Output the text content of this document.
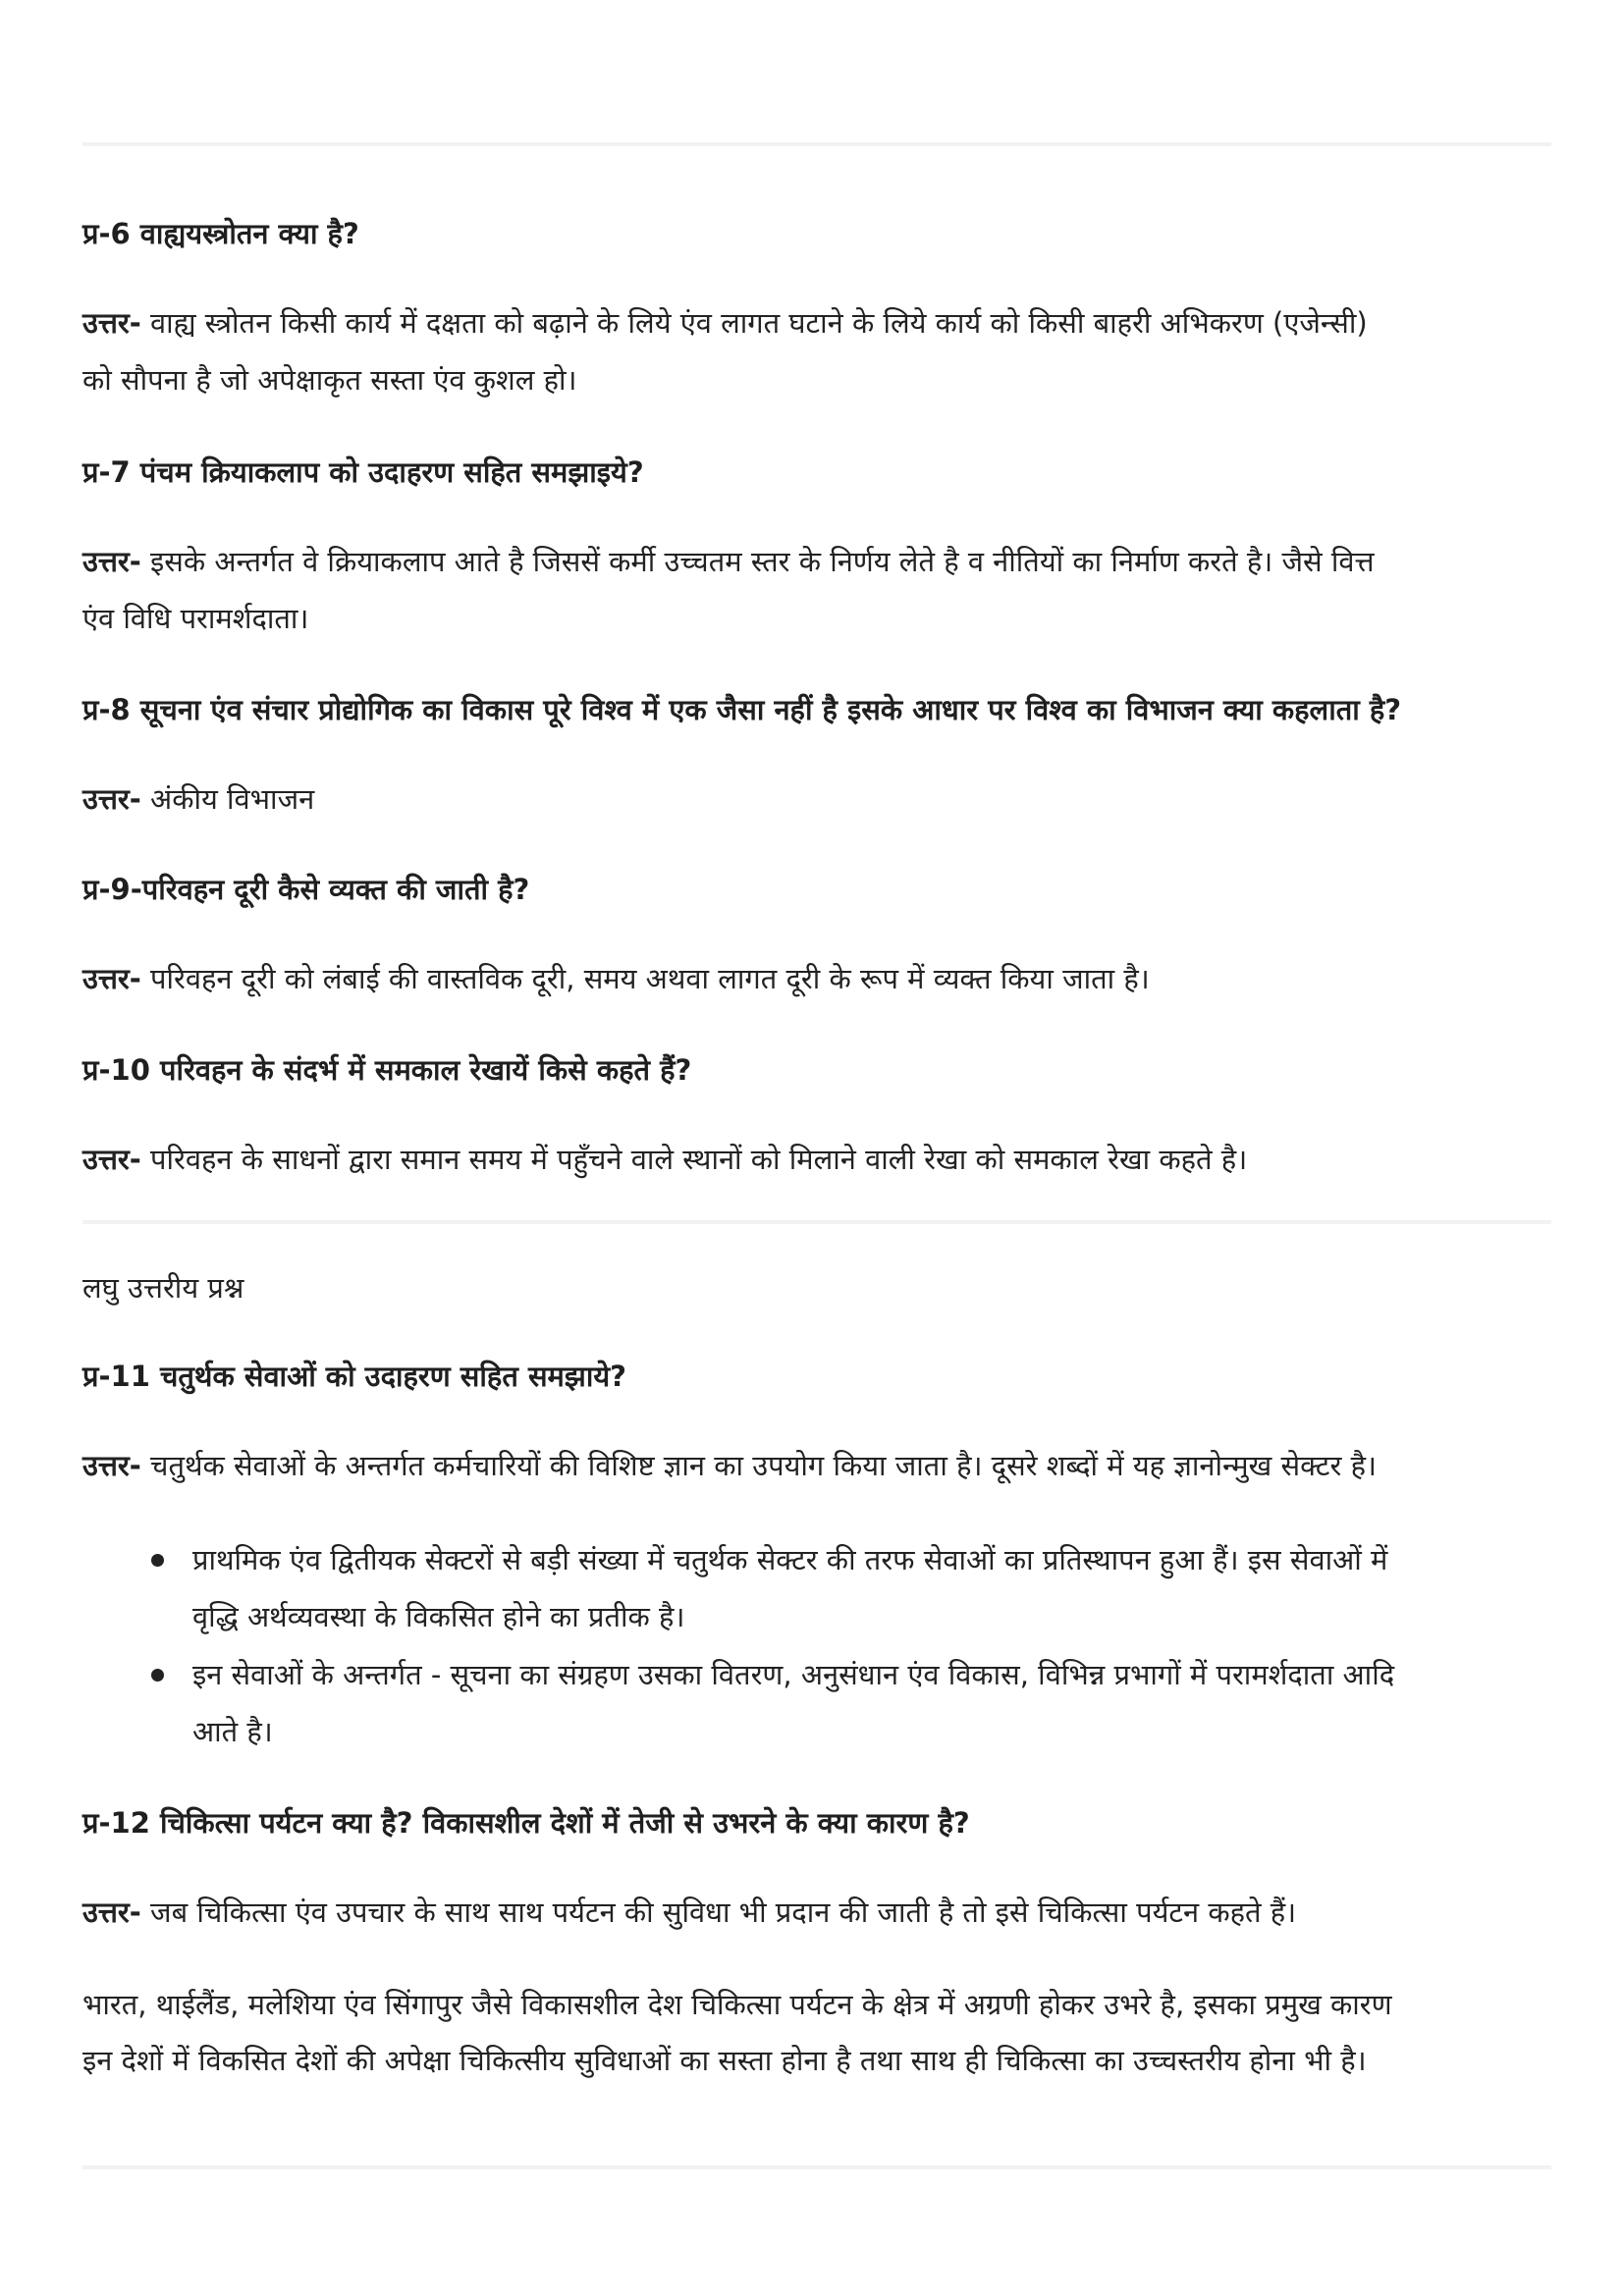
प्र-6 वाह्ययस्त्रोतन क्या है?
उत्तर- वाह्य स्त्रोतन किसी कार्य में दक्षता को बढ़ाने के लिये एंव लागत घटाने के लिये कार्य को किसी बाहरी अभिकरण (एजेन्सी)
को सौपना है जो अपेक्षाकृत सस्ता एंव कुशल हो।
प्र-7 पंचम क्रियाकलाप को उदाहरण सहित समझाइये?
उत्तर- इसके अन्तर्गत वे क्रियाकलाप आते है जिससें कर्मी उच्चतम स्तर के निर्णय लेते है व नीतियों का निर्माण करते है। जैसे वित्त
एंव विधि परामर्शदाता।
प्र-8 सूचना एंव संचार प्रोद्योगिक का विकास पूरे विश्व में एक जैसा नहीं है इसके आधार पर विश्व का विभाजन क्या कहलाता है?
उत्तर- अंकीय विभाजन
प्र-9-परिवहन दूरी कैसे व्यक्त की जाती है?
उत्तर- परिवहन दूरी को लंबाई की वास्तविक दूरी, समय अथवा लागत दूरी के रूप में व्यक्त किया जाता है।
प्र-10 परिवहन के संदर्भ में समकाल रेखायें किसे कहते हैं?
उत्तर- परिवहन के साधनों द्वारा समान समय में पहुँचने वाले स्थानों को मिलाने वाली रेखा को समकाल रेखा कहते है।
लघु उत्तरीय प्रश्न
प्र-11 चतुर्थक सेवाओं को उदाहरण सहित समझाये?
उत्तर- चतुर्थक सेवाओं के अन्तर्गत कर्मचारियों की विशिष्ट ज्ञान का उपयोग किया जाता है। दूसरे शब्दों में यह ज्ञानोन्मुख सेक्टर है।
प्राथमिक एंव द्वितीयक सेक्टरों से बड़ी संख्या में चतुर्थक सेक्टर की तरफ सेवाओं का प्रतिस्थापन हुआ हैं। इस सेवाओं में
वृद्धि अर्थव्यवस्था के विकसित होने का प्रतीक है।
इन सेवाओं के अन्तर्गत - सूचना का संग्रहण उसका वितरण, अनुसंधान एंव विकास, विभिन्न प्रभागों में परामर्शदाता आदि
आते है।
प्र-12 चिकित्सा पर्यटन क्या है? विकासशील देशों में तेजी से उभरने के क्या कारण है?
उत्तर- जब चिकित्सा एंव उपचार के साथ साथ पर्यटन की सुविधा भी प्रदान की जाती है तो इसे चिकित्सा पर्यटन कहते हैं।
भारत, थाईलैंड, मलेशिया एंव सिंगापुर जैसे विकासशील देश चिकित्सा पर्यटन के क्षेत्र में अग्रणी होकर उभरे है, इसका प्रमुख कारण
इन देशों में विकसित देशों की अपेक्षा चिकित्सीय सुविधाओं का सस्ता होना है तथा साथ ही चिकित्सा का उच्चस्तरीय होना भी है।
